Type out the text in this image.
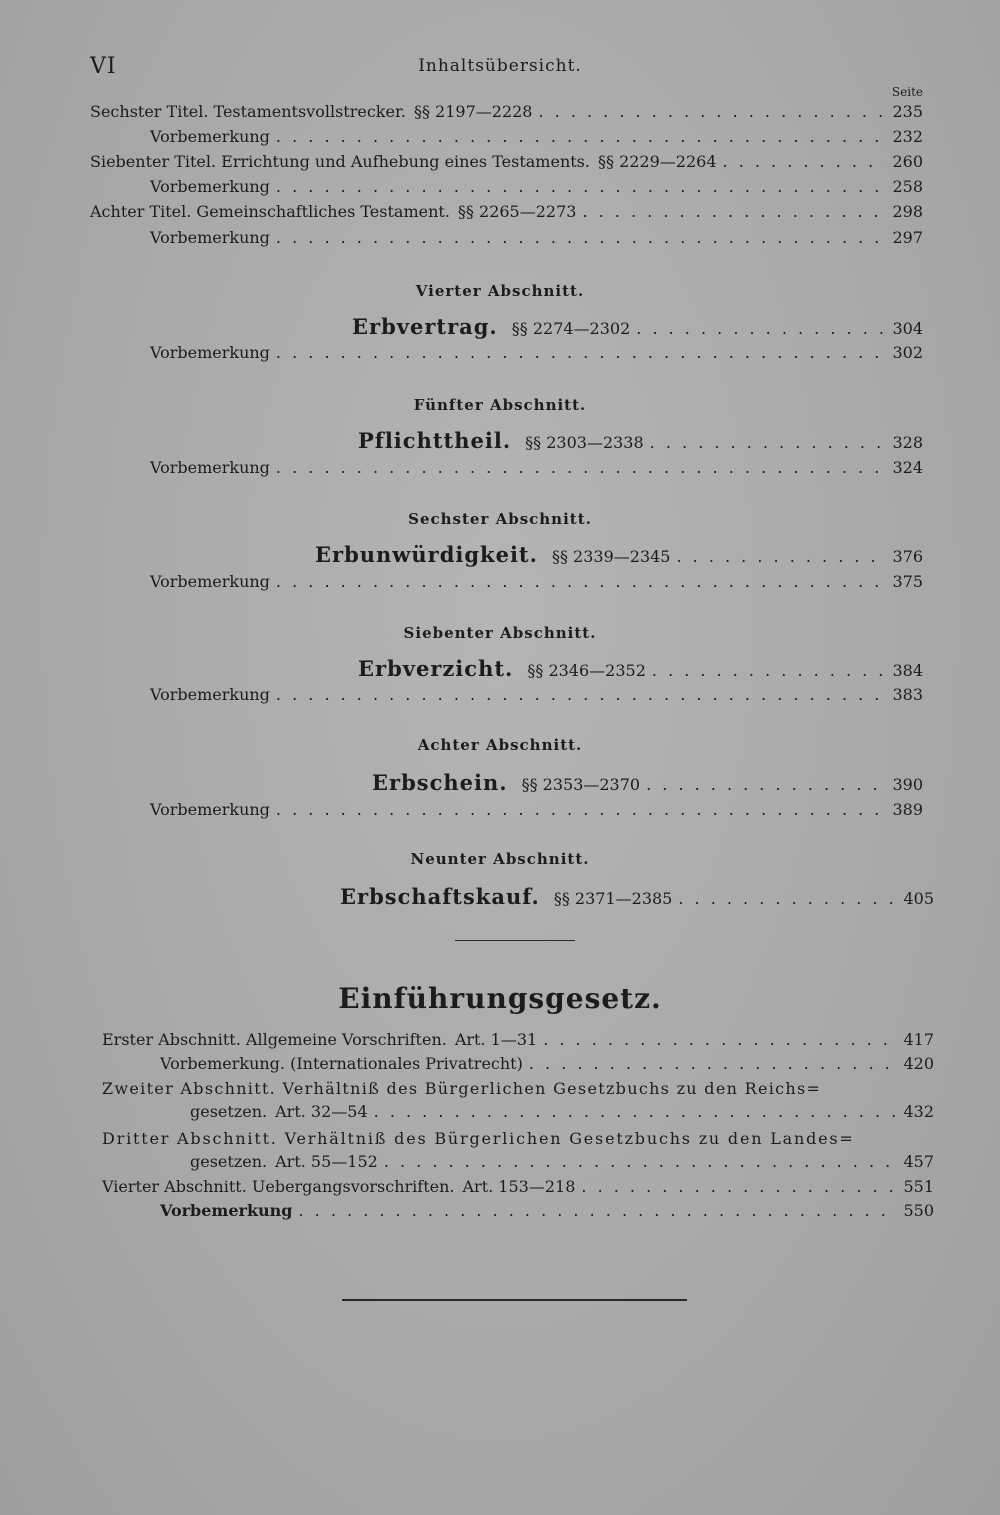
VI	Inhaltsübersicht.
Seite
Sechster Titel. Testamentsvollstrecker. §§ 2197—2228 . . .	235
Vorbemerkung . . .	232
Siebenter Titel. Errichtung und Aufhebung eines Testaments. §§ 2229—2264 . . .	260
Vorbemerkung . . .	258
Achter Titel. Gemeinschaftliches Testament. §§ 2265—2273 . . .	298
Vorbemerkung . . .	297
Vierter Abschnitt.
Erbvertrag. §§ 2274—2302 . . .	304
Vorbemerkung . . .	302
Fünfter Abschnitt.
Pflichttheil. §§ 2303—2338 . . .	328
Vorbemerkung . . .	324
Sechster Abschnitt.
Erbunwürdigkeit. §§ 2339—2345 . . .	376
Vorbemerkung . . .	375
Siebenter Abschnitt.
Erbverzicht. §§ 2346—2352 . . .	384
Vorbemerkung . . .	383
Achter Abschnitt.
Erbschein. §§ 2353—2370 . . .	390
Vorbemerkung . . .	389
Neunter Abschnitt.
Erbschaftskauf. §§ 2371—2385 . . .	405
Einführungsgesetz.
Erster Abschnitt. Allgemeine Vorschriften. Art. 1—31 . . .	417
Vorbemerkung. (Internationales Privatrecht) . . .	420
Zweiter Abschnitt. Verhältniß des Bürgerlichen Gesetzbuchs zu den Reichs=
gesetzen. Art. 32—54 . . .	432
Dritter Abschnitt. Verhältniß des Bürgerlichen Gesetzbuchs zu den Landes=
gesetzen. Art. 55—152 . . .	457
Vierter Abschnitt. Uebergangsvorschriften. Art. 153—218 . . .	551
Vorbemerkung . . .	550
